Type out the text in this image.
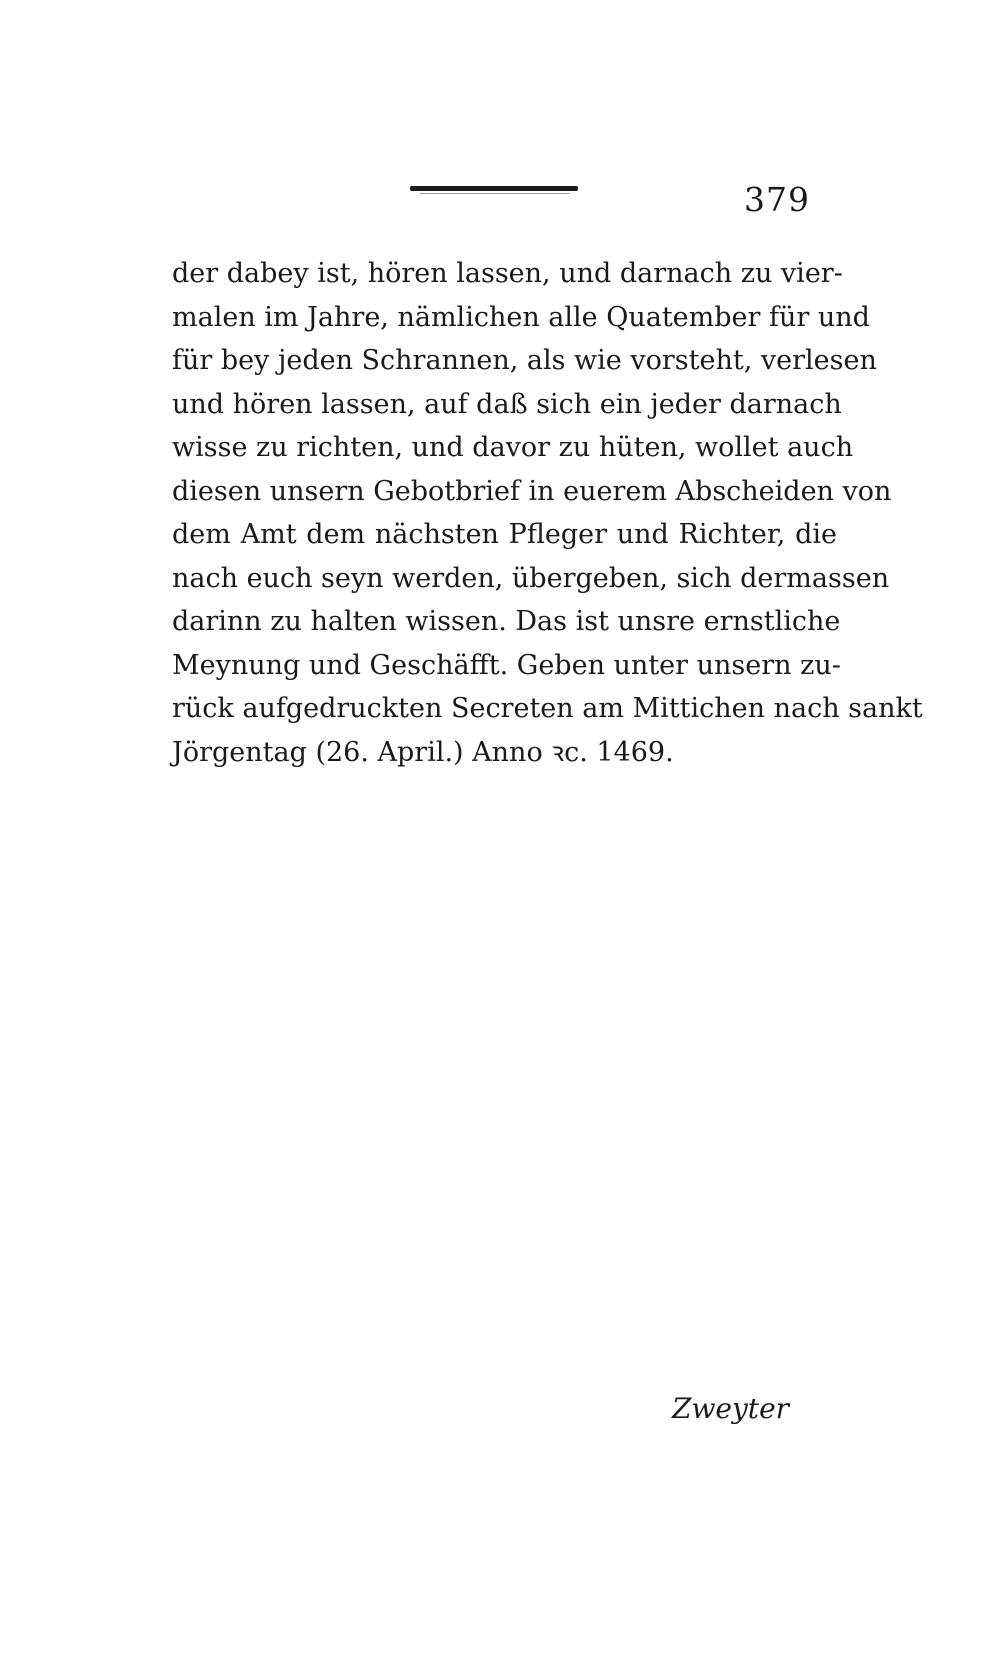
379
der dabey ist, hören lassen, und darnach zu vier-
malen im Jahre, nämlichen alle Quatember für und
für bey jeden Schrannen, als wie vorsteht, verlesen
und hören lassen, auf daß sich ein jeder darnach
wisse zu richten, und davor zu hüten, wollet auch
diesen unsern Gebotbrief in euerem Abscheiden von
dem Amt dem nächsten Pfleger und Richter, die
nach euch seyn werden, übergeben, sich dermassen
darinn zu halten wissen. Das ist unsre ernstliche
Meynung und Geschäfft. Geben unter unsern zu-
rück aufgedruckten Secreten am Mittichen nach sankt
Jörgentag (26. April.) Anno ꝛc. 1469.
Zweyter
